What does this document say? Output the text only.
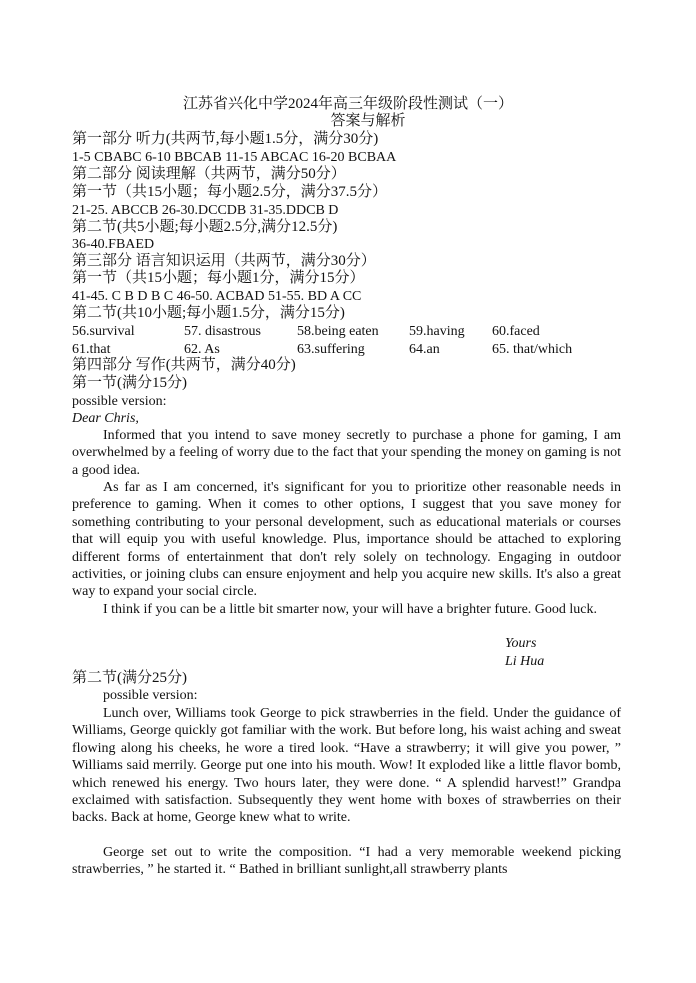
江苏省兴化中学2024年高三年级阶段性测试（一）
答案与解析
第一部分 听力(共两节,每小题1.5分，满分30分)
1-5 CBABC 6-10 BBCAB 11-15 ABCAC 16-20 BCBAA
第二部分 阅读理解（共两节，满分50分）
第一节（共15小题；每小题2.5分，满分37.5分）
21-25. ABCCB 26-30.DCCDB 31-35.DDCB D
第二节(共5小题;每小题2.5分,满分12.5分)
36-40.FBAED
第三部分 语言知识运用（共两节，满分30分）
第一节（共15小题；每小题1分，满分15分）
41-45. C B D B C 46-50. ACBAD 51-55. BD A CC
第二节(共10小题;每小题1.5分，满分15分)
56.survival	57. disastrous	58.being eaten 59.having 60.faced
61.that	62. As	63.suffering	64.an	65. that/which
第四部分 写作(共两节，满分40分)
第一节(满分15分)
possible version:
Dear Chris,

Informed that you intend to save money secretly to purchase a phone for gaming, I am overwhelmed by a feeling of worry due to the fact that your spending the money on gaming is not a good idea.

As far as I am concerned, it's significant for you to prioritize other reasonable needs in preference to gaming. When it comes to other options, I suggest that you save money for something contributing to your personal development, such as educational materials or courses that will equip you with useful knowledge. Plus, importance should be attached to exploring different forms of entertainment that don't rely solely on technology. Engaging in outdoor activities, or joining clubs can ensure enjoyment and help you acquire new skills. It's also a great way to expand your social circle.

I think if you can be a little bit smarter now, your will have a brighter future. Good luck.

Yours
Li Hua
第二节(满分25分)
possible version:

Lunch over, Williams took George to pick strawberries in the field. Under the guidance of Williams, George quickly got familiar with the work. But before long, his waist aching and sweat flowing along his cheeks, he wore a tired look. “Have a strawberry; it will give you power, ” Williams said merrily. George put one into his mouth. Wow! It exploded like a little flavor bomb, which renewed his energy. Two hours later, they were done. “ A splendid harvest!” Grandpa exclaimed with satisfaction. Subsequently they went home with boxes of strawberries on their backs. Back at home, George knew what to write.

George set out to write the composition. “I had a very memorable weekend picking strawberries, ” he started it. “ Bathed in brilliant sunlight,all strawberry plants
